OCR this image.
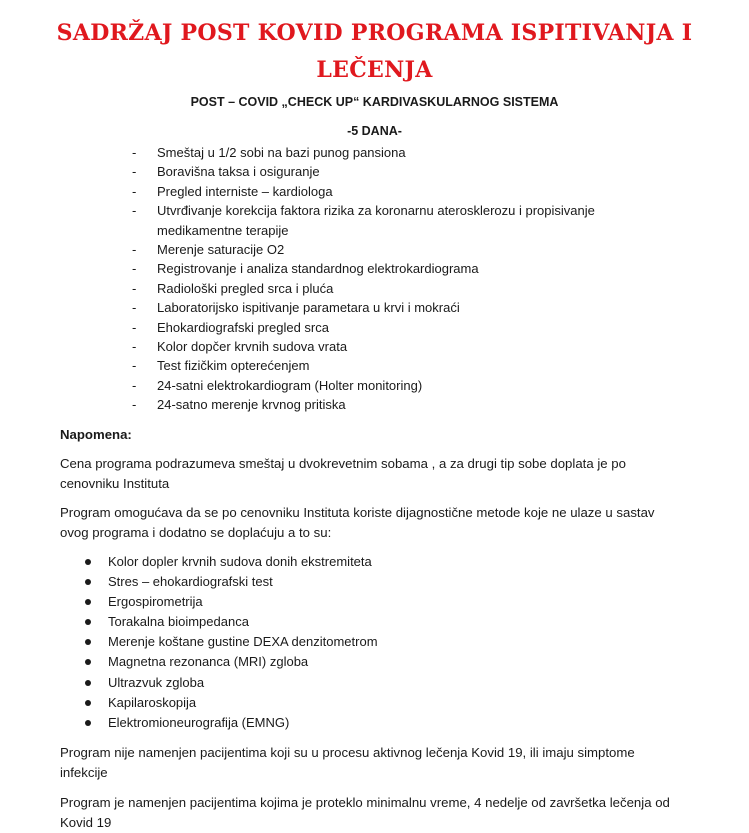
SADRŽAJ POST KOVID PROGRAMA ISPITIVANJA I
LEČENJA
POST – COVID „CHECK UP“ KARDIVASKULARNOG SISTEMA
-5 DANA-
- Smeštaj u 1/2 sobi na bazi punog pansiona
- Boravišna taksa i osiguranje
- Pregled interniste – kardiologa
- Utvrđivanje korekcija faktora rizika za koronarnu aterosklerozu i propisivanje medikamentne terapije
- Merenje saturacije O2
- Registrovanje i analiza standardnog elektrokardiograma
- Radiološki pregled srca i pluća
- Laboratorijsko ispitivanje parametara u krvi i mokraći
- Ehokardiografski pregled srca
- Kolor dopčer krvnih sudova vrata
- Test fizičkim opterećenjem
- 24-satni elektrokardiogram (Holter monitoring)
- 24-satno merenje krvnog pritiska

Napomena:

Cena programa podrazumeva smeštaj u dvokrevetnim sobama , a za drugi tip sobe doplata je po cenovniku Instituta

Program omogućava da se po cenovniku Instituta koriste dijagnostične metode koje ne ulaze u sastav ovog programa i dodatno se doplaćuju a to su:

Kolor dopler krvnih sudova donih ekstremiteta
Stres – ehokardiografski test
Ergospirometrija
Torakalna bioimpedanca
Merenje koštane gustine DEXA denzitometrom
Magnetna rezonanca (MRI) zgloba
Ultrazvuk zgloba
Kapilaroskopija
Elektromioneurografija (EMNG)

Program nije namenjen pacijentima koji su u procesu aktivnog lečenja Kovid 19, ili imaju simptome infekcije

Program je namenjen pacijentima kojima je proteklo minimalnu vreme, 4 nedelje od završetka lečenja od Kovid 19
